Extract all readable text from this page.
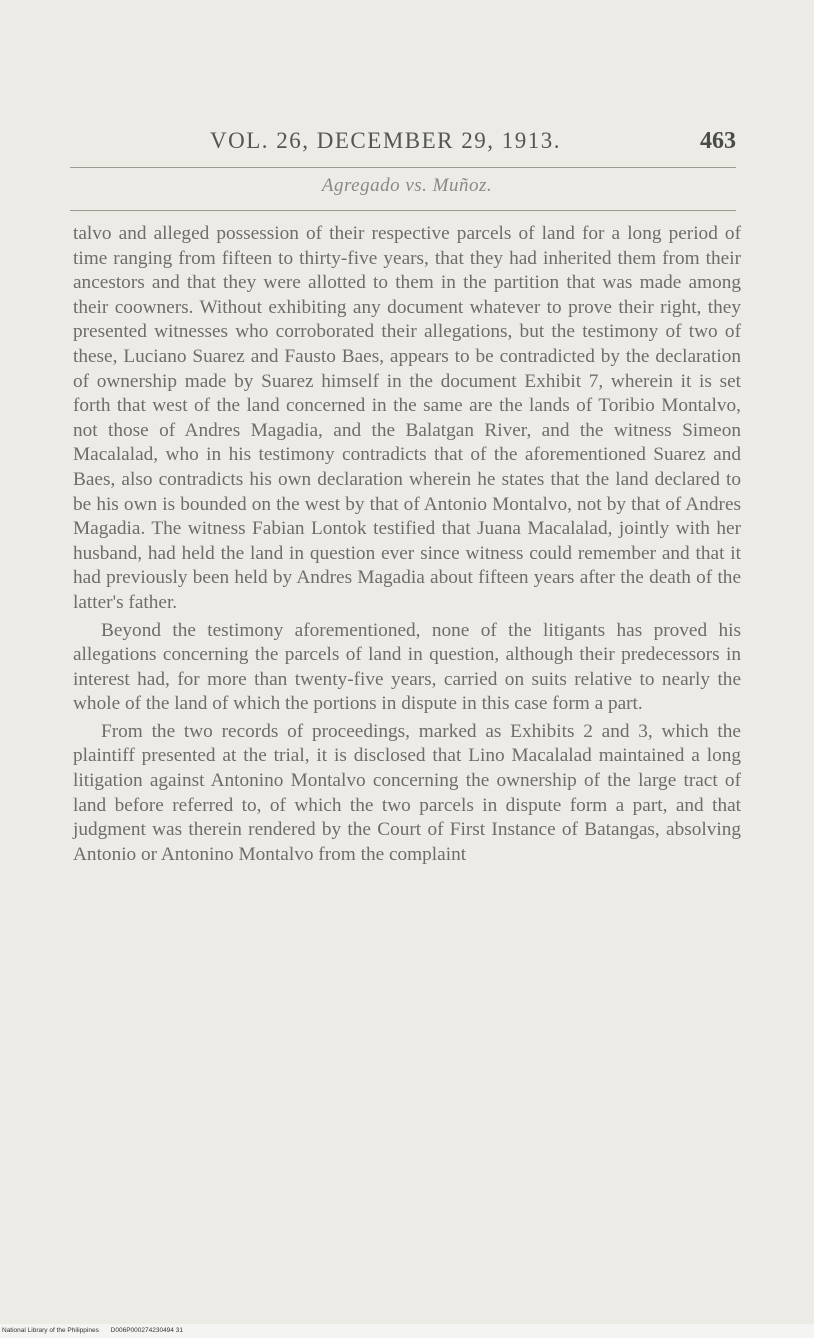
VOL. 26, DECEMBER 29, 1913.	463
Agregado vs. Muñoz.

talvo and alleged possession of their respective parcels of land for a long period of time ranging from fifteen to thirty-five years, that they had inherited them from their ancestors and that they were allotted to them in the partition that was made among their coowners. Without exhibiting any document whatever to prove their right, they presented witnesses who corroborated their allegations, but the testimony of two of these, Luciano Suarez and Fausto Baes, appears to be contradicted by the declaration of ownership made by Suarez himself in the document Exhibit 7, wherein it is set forth that west of the land concerned in the same are the lands of Toribio Montalvo, not those of Andres Magadia, and the Balatgan River, and the witness Simeon Macalalad, who in his testimony contradicts that of the aforementioned Suarez and Baes, also contradicts his own declaration wherein he states that the land declared to be his own is bounded on the west by that of Antonio Montalvo, not by that of Andres Magadia. The witness Fabian Lontok testified that Juana Macalalad, jointly with her husband, had held the land in question ever since witness could remember and that it had previously been held by Andres Magadia about fifteen years after the death of the latter's father.

Beyond the testimony aforementioned, none of the litigants has proved his allegations concerning the parcels of land in question, although their predecessors in interest had, for more than twenty-five years, carried on suits relative to nearly the whole of the land of which the portions in dispute in this case form a part.

From the two records of proceedings, marked as Exhibits 2 and 3, which the plaintiff presented at the trial, it is disclosed that Lino Macalalad maintained a long litigation against Antonino Montalvo concerning the ownership of the large tract of land before referred to, of which the two parcels in dispute form a part, and that judgment was therein rendered by the Court of First Instance of Batangas, absolving Antonio or Antonino Montalvo from the complaint

National Library of the Philippines D006P000274230494 31
